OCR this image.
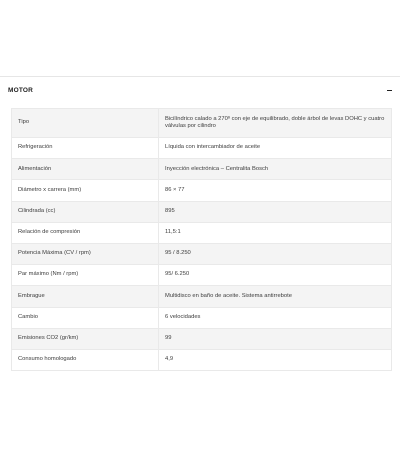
MOTOR
Tipo	Bicilíndrico calado a 270º con eje de equilibrado, doble árbol de levas DOHC y cuatro válvulas por cilindro
Refrigeración	Líquida con intercambiador de aceite
Alimentación	Inyección electrónica – Centralita Bosch
Diámetro x carrera (mm)	86 × 77
Cilindrada (cc)	895
Relación de compresión	11,5:1
Potencia Máxima (CV / rpm)	95 / 8.250
Par máximo (Nm / rpm)	95/ 6.250
Embrague	Multidisco en baño de aceite. Sistema antirrebote
Cambio	6 velocidades
Emisiones CO2 (gr/km)	99
Consumo homologado	4,9
